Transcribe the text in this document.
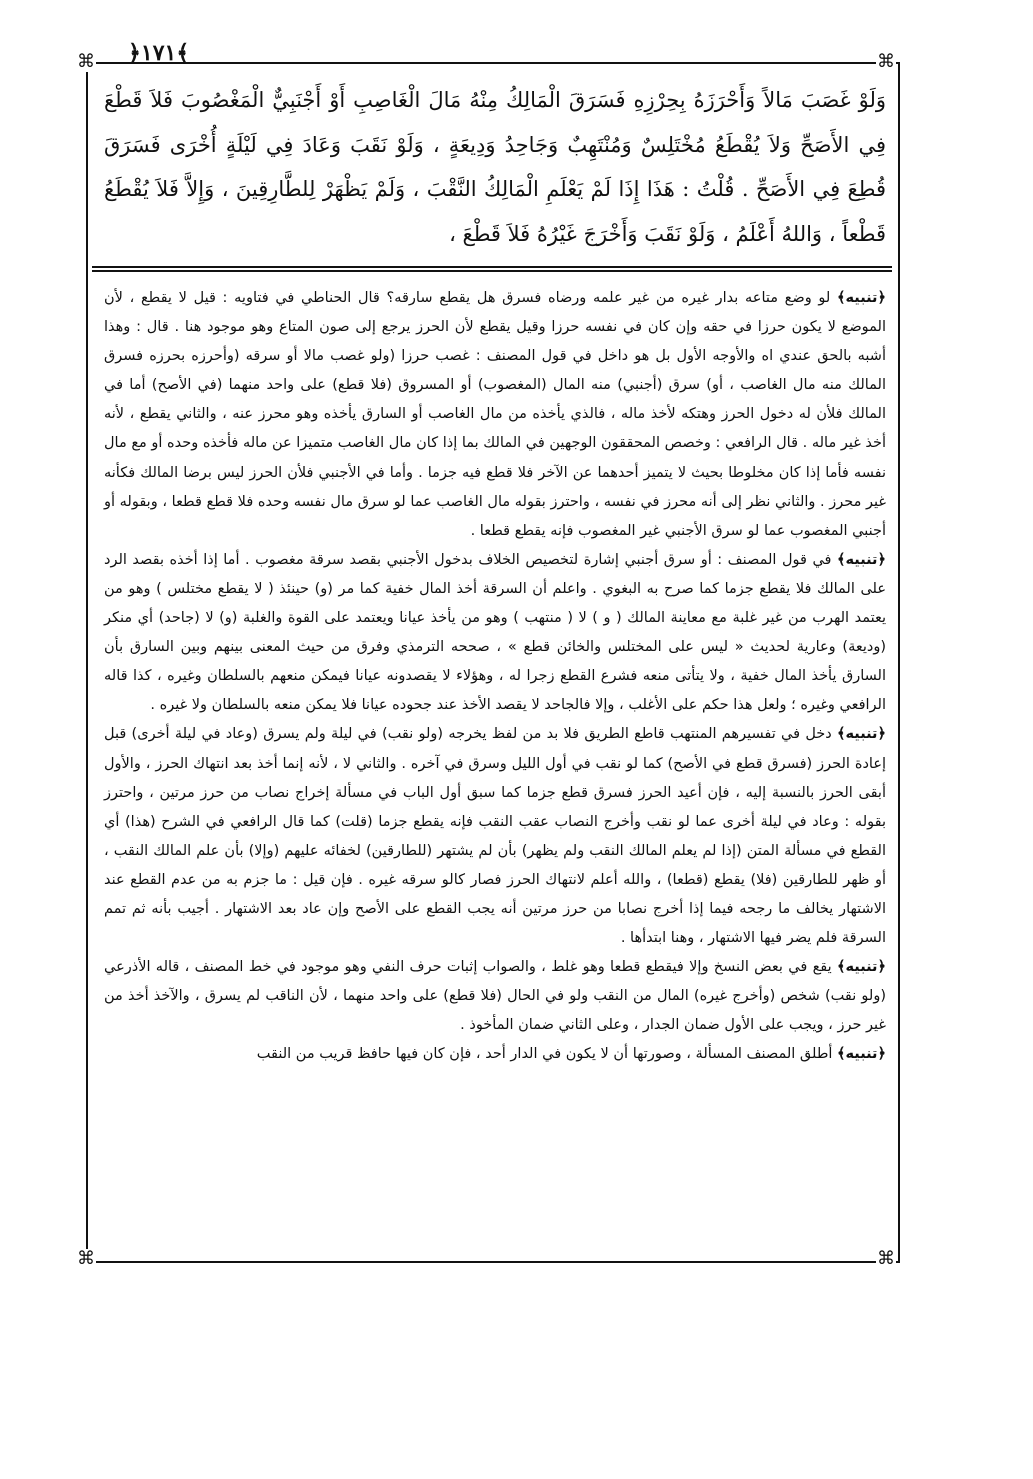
﴿١٧١﴾
⌘	⌘
⌘	⌘

وَلَوْ غَصَبَ مَالاً وَأَحْرَزَهُ بِحِرْزِهِ فَسَرَقَ الْمَالِكُ مِنْهُ مَالَ الْغَاصِبِ أَوْ أَجْنَبِيٌّ الْمَغْصُوبَ فَلاَ قَطْعَ فِي الأَصَحِّ وَلاَ يُقْطَعُ مُخْتَلِسٌ وَمُنْتَهِبٌ وَجَاحِدُ وَدِيعَةٍ ، وَلَوْ نَقَبَ وَعَادَ فِي لَيْلَةٍ أُخْرَى فَسَرَقَ قُطِعَ فِي الأَصَحِّ . قُلْتُ : هَذَا إِذَا لَمْ يَعْلَمِ الْمَالِكُ النَّقْبَ ، وَلَمْ يَظْهَرْ لِلطَّارِقِينَ ، وَإِلاَّ فَلاَ يُقْطَعُ قَطْعاً ، وَاللهُ أَعْلَمُ ، وَلَوْ نَقَبَ وَأَخْرَجَ غَيْرُهُ فَلاَ قَطْعَ ،

﴿تنبيه﴾ لو وضع متاعه بدار غيره من غير علمه ورضاه فسرق هل يقطع سارقه؟ قال الحناطي في فتاويه : قيل لا يقطع ، لأن الموضع لا يكون حرزا في حقه وإن كان في نفسه حرزا وقيل يقطع لأن الحرز يرجع إلى صون المتاع وهو موجود هنا . قال : وهذا أشبه بالحق عندي اه والأوجه الأول بل هو داخل في قول المصنف : غصب حرزا (ولو غصب مالا أو سرقه (وأحرزه بحرزه فسرق المالك منه مال الغاصب ، أو) سرق (أجنبي) منه المال (المغصوب) أو المسروق (فلا قطع) على واحد منهما (في الأصح) أما في المالك فلأن له دخول الحرز وهتكه لأخذ ماله ، فالذي يأخذه من مال الغاصب أو السارق يأخذه وهو محرز عنه ، والثاني يقطع ، لأنه أخذ غير ماله . قال الرافعي : وخصص المحققون الوجهين في المالك بما إذا كان مال الغاصب متميزا عن ماله فأخذه وحده أو مع مال نفسه فأما إذا كان مخلوطا بحيث لا يتميز أحدهما عن الآخر فلا قطع فيه جزما . وأما في الأجنبي فلأن الحرز ليس برضا المالك فكأنه غير محرز . والثاني نظر إلى أنه محرز في نفسه ، واحترز بقوله مال الغاصب عما لو سرق مال نفسه وحده فلا قطع قطعا ، وبقوله أو أجنبي المغصوب عما لو سرق الأجنبي غير المغصوب فإنه يقطع قطعا .

﴿تنبيه﴾ في قول المصنف : أو سرق أجنبي إشارة لتخصيص الخلاف بدخول الأجنبي بقصد سرقة مغصوب . أما إذا أخذه بقصد الرد على المالك فلا يقطع جزما كما صرح به البغوي . واعلم أن السرقة أخذ المال خفية كما مر (و) حينئذ ( لا يقطع مختلس ) وهو من يعتمد الهرب من غير غلبة مع معاينة المالك ( و ) لا ( منتهب ) وهو من يأخذ عيانا ويعتمد على القوة والغلبة (و) لا (جاحد) أي منكر (وديعة) وعارية لحديث « ليس على المختلس والخائن قطع » ، صححه الترمذي وفرق من حيث المعنى بينهم وبين السارق بأن السارق يأخذ المال خفية ، ولا يتأتى منعه فشرع القطع زجرا له ، وهؤلاء لا يقصدونه عيانا فيمكن منعهم بالسلطان وغيره ، كذا قاله الرافعي وغيره ؛ ولعل هذا حكم على الأغلب ، وإلا فالجاحد لا يقصد الأخذ عند جحوده عيانا فلا يمكن منعه بالسلطان ولا غيره .

﴿تنبيه﴾ دخل في تفسيرهم المنتهب قاطع الطريق فلا بد من لفظ يخرجه (ولو نقب) في ليلة ولم يسرق (وعاد في ليلة أخرى) قبل إعادة الحرز (فسرق قطع في الأصح) كما لو نقب في أول الليل وسرق في آخره . والثاني لا ، لأنه إنما أخذ بعد انتهاك الحرز ، والأول أبقى الحرز بالنسبة إليه ، فإن أعيد الحرز فسرق قطع جزما كما سبق أول الباب في مسألة إخراج نصاب من حرز مرتين ، واحترز بقوله : وعاد في ليلة أخرى عما لو نقب وأخرج النصاب عقب النقب فإنه يقطع جزما (قلت) كما قال الرافعي في الشرح (هذا) أي القطع في مسألة المتن (إذا لم يعلم المالك النقب ولم يظهر) بأن لم يشتهر (للطارقين) لخفائه عليهم (وإلا) بأن علم المالك النقب ، أو ظهر للطارقين (فلا) يقطع (قطعا) ، والله أعلم لانتهاك الحرز فصار كالو سرقه غيره . فإن قيل : ما جزم به من عدم القطع عند الاشتهار يخالف ما رجحه فيما إذا أخرج نصابا من حرز مرتين أنه يجب القطع على الأصح وإن عاد بعد الاشتهار . أجيب بأنه ثم تمم السرقة فلم يضر فيها الاشتهار ، وهنا ابتدأها .

﴿تنبيه﴾ يقع في بعض النسخ وإلا فيقطع قطعا وهو غلط ، والصواب إثبات حرف النفي وهو موجود في خط المصنف ، قاله الأذرعي (ولو نقب) شخص (وأخرج غيره) المال من النقب ولو في الحال (فلا قطع) على واحد منهما ، لأن الناقب لم يسرق ، والآخذ أخذ من غير حرز ، ويجب على الأول ضمان الجدار ، وعلى الثاني ضمان المأخوذ .

﴿تنبيه﴾ أطلق المصنف المسألة ، وصورتها أن لا يكون في الدار أحد ، فإن كان فيها حافظ قريب من النقب
